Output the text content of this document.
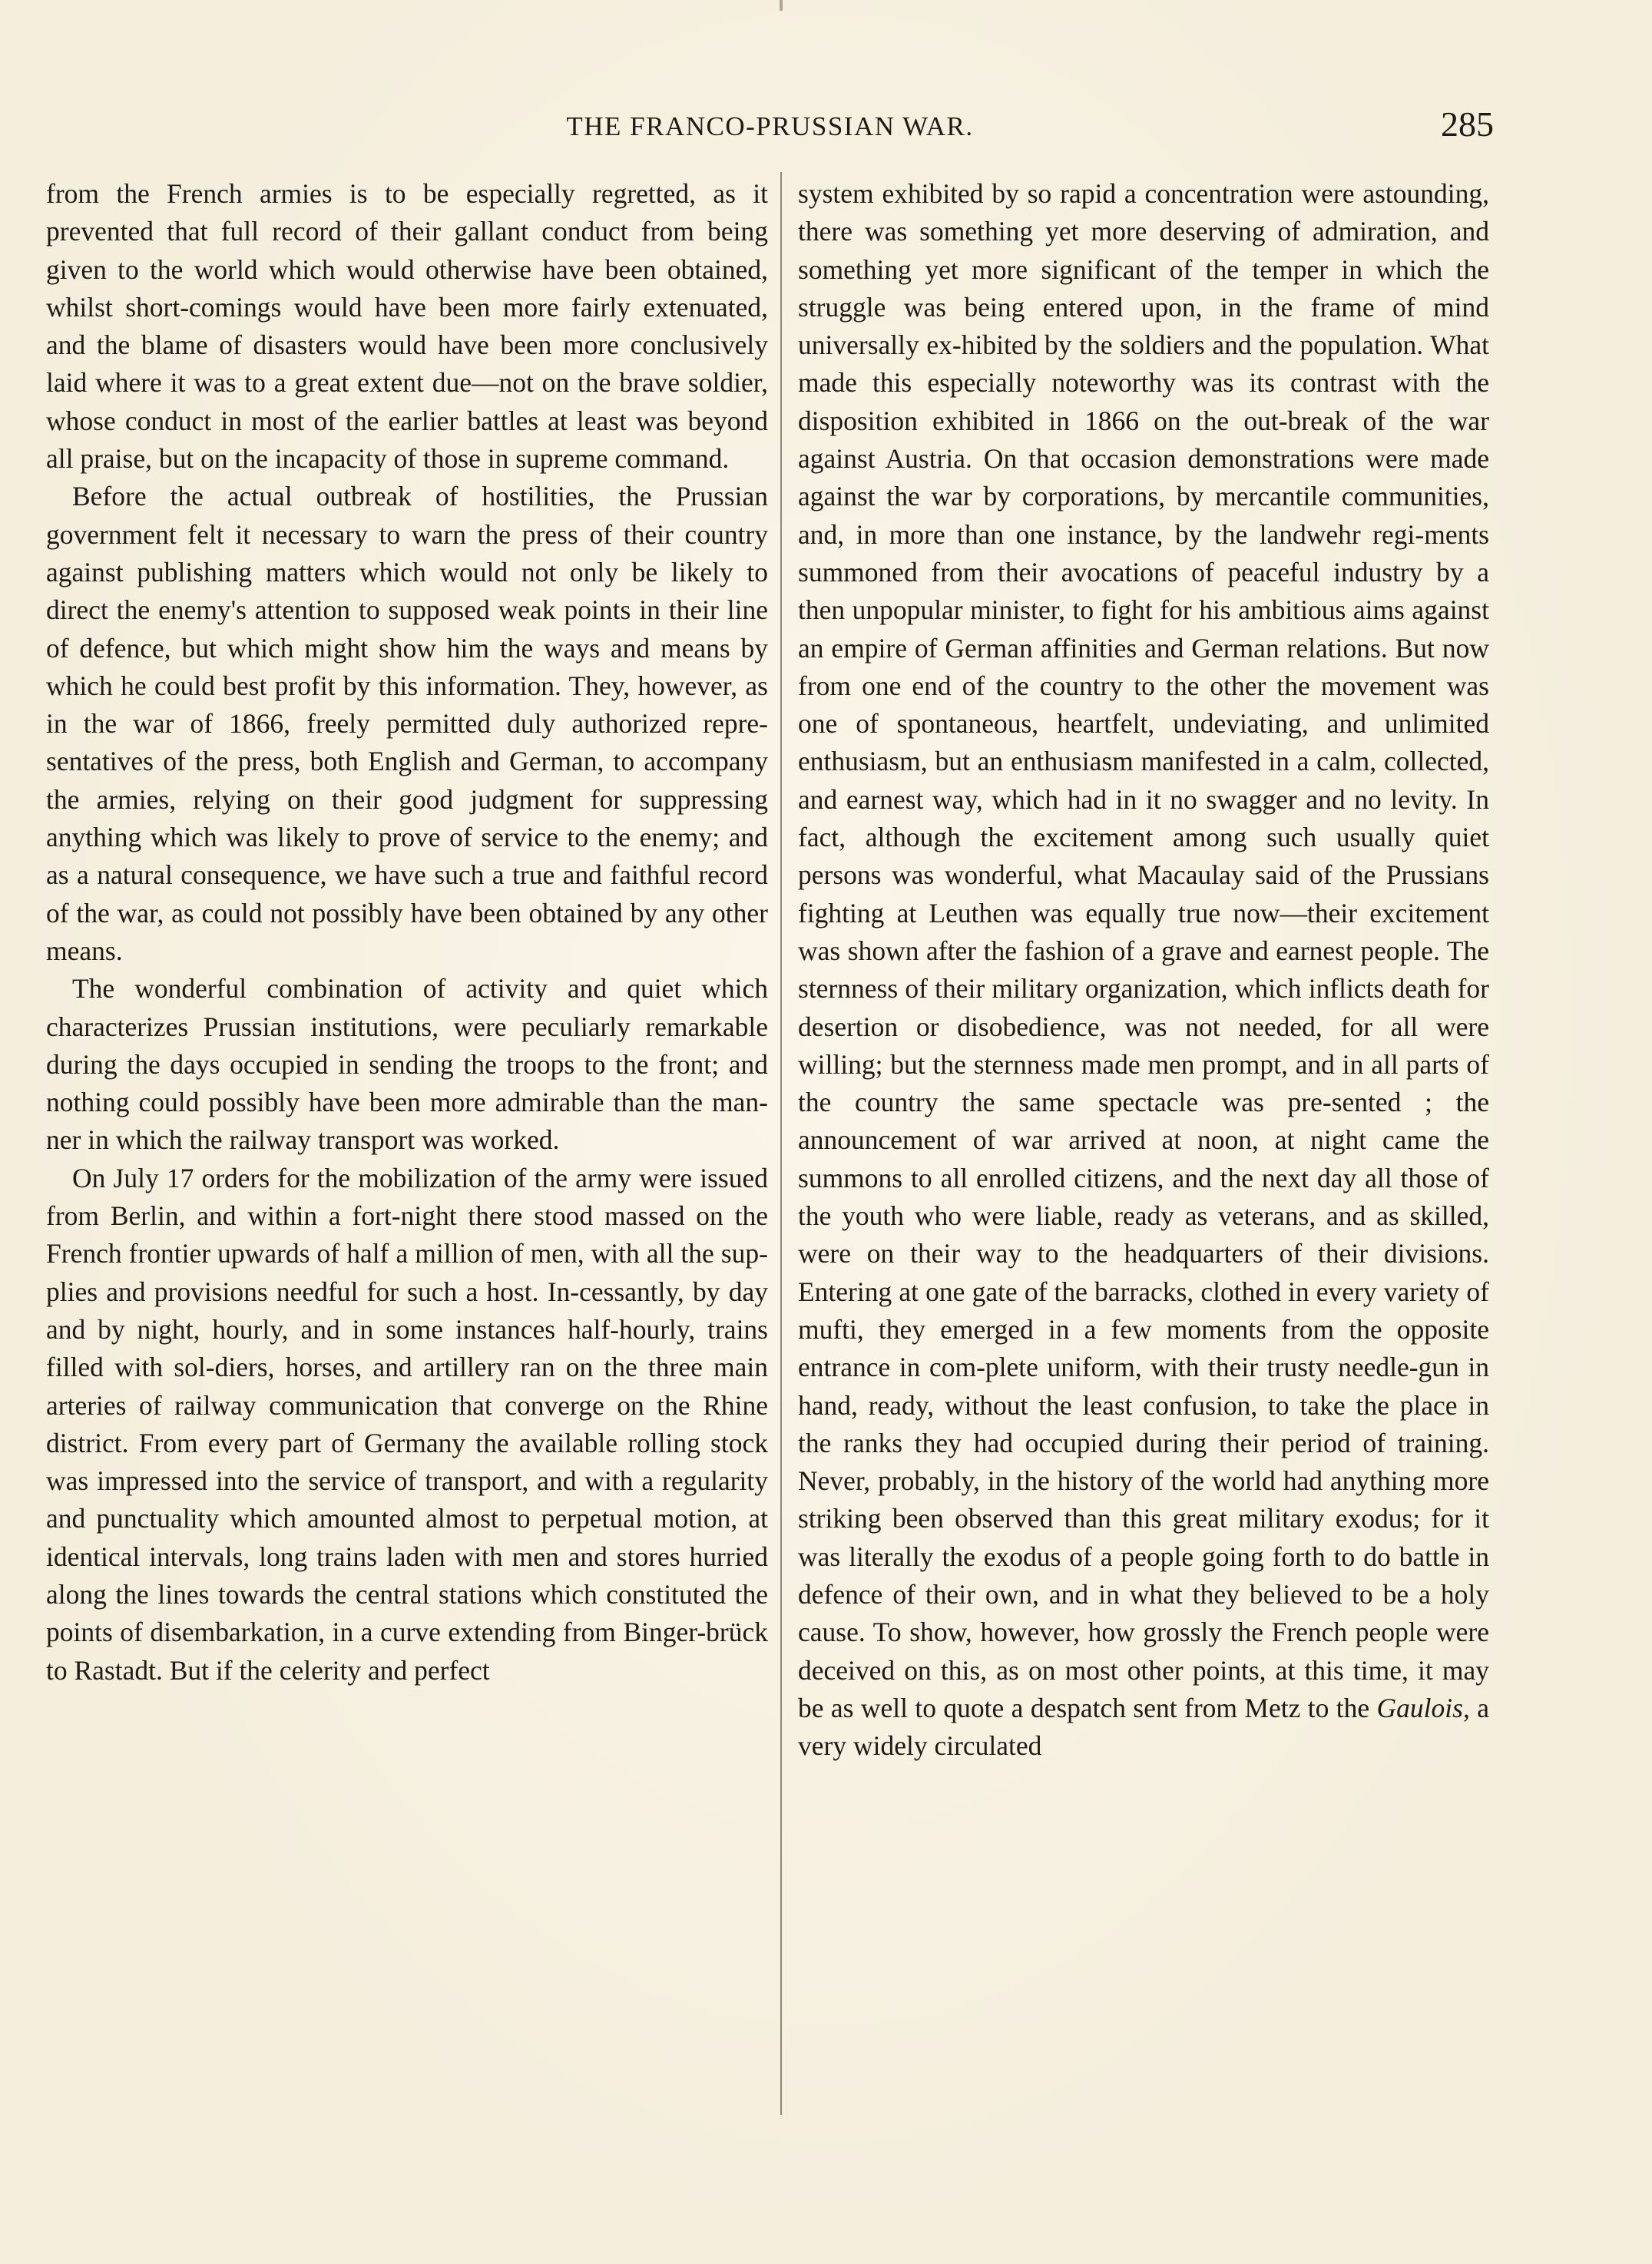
THE FRANCO-PRUSSIAN WAR.	285

from the French armies is to be especially regretted, as it prevented that full record of their gallant conduct from being given to the world which would otherwise have been obtained, whilst short-comings would have been more fairly extenuated, and the blame of disasters would have been more conclusively laid where it was to a great extent due—not on the brave soldier, whose conduct in most of the earlier battles at least was beyond all praise, but on the incapacity of those in supreme command.

Before the actual outbreak of hostilities, the Prussian government felt it necessary to warn the press of their country against publishing matters which would not only be likely to direct the enemy's attention to supposed weak points in their line of defence, but which might show him the ways and means by which he could best profit by this information. They, however, as in the war of 1866, freely permitted duly authorized repre-sentatives of the press, both English and German, to accompany the armies, relying on their good judgment for suppressing anything which was likely to prove of service to the enemy; and as a natural consequence, we have such a true and faithful record of the war, as could not possibly have been obtained by any other means.

The wonderful combination of activity and quiet which characterizes Prussian institutions, were peculiarly remarkable during the days occupied in sending the troops to the front; and nothing could possibly have been more admirable than the man-ner in which the railway transport was worked.

On July 17 orders for the mobilization of the army were issued from Berlin, and within a fort-night there stood massed on the French frontier upwards of half a million of men, with all the sup-plies and provisions needful for such a host. In-cessantly, by day and by night, hourly, and in some instances half-hourly, trains filled with sol-diers, horses, and artillery ran on the three main arteries of railway communication that converge on the Rhine district. From every part of Germany the available rolling stock was impressed into the service of transport, and with a regularity and punctuality which amounted almost to perpetual motion, at identical intervals, long trains laden with men and stores hurried along the lines towards the central stations which constituted the points of disembarkation, in a curve extending from Binger-brück to Rastadt. But if the celerity and perfect

system exhibited by so rapid a concentration were astounding, there was something yet more deserving of admiration, and something yet more significant of the temper in which the struggle was being entered upon, in the frame of mind universally ex-hibited by the soldiers and the population. What made this especially noteworthy was its contrast with the disposition exhibited in 1866 on the out-break of the war against Austria. On that occasion demonstrations were made against the war by corporations, by mercantile communities, and, in more than one instance, by the landwehr regi-ments summoned from their avocations of peaceful industry by a then unpopular minister, to fight for his ambitious aims against an empire of German affinities and German relations. But now from one end of the country to the other the movement was one of spontaneous, heartfelt, undeviating, and unlimited enthusiasm, but an enthusiasm manifested in a calm, collected, and earnest way, which had in it no swagger and no levity. In fact, although the excitement among such usually quiet persons was wonderful, what Macaulay said of the Prussians fighting at Leuthen was equally true now—their excitement was shown after the fashion of a grave and earnest people. The sternness of their military organization, which inflicts death for desertion or disobedience, was not needed, for all were willing; but the sternness made men prompt, and in all parts of the country the same spectacle was pre-sented ; the announcement of war arrived at noon, at night came the summons to all enrolled citizens, and the next day all those of the youth who were liable, ready as veterans, and as skilled, were on their way to the headquarters of their divisions. Entering at one gate of the barracks, clothed in every variety of mufti, they emerged in a few moments from the opposite entrance in com-plete uniform, with their trusty needle-gun in hand, ready, without the least confusion, to take the place in the ranks they had occupied during their period of training. Never, probably, in the history of the world had anything more striking been observed than this great military exodus; for it was literally the exodus of a people going forth to do battle in defence of their own, and in what they believed to be a holy cause. To show, however, how grossly the French people were deceived on this, as on most other points, at this time, it may be as well to quote a despatch sent from Metz to the Gaulois, a very widely circulated
